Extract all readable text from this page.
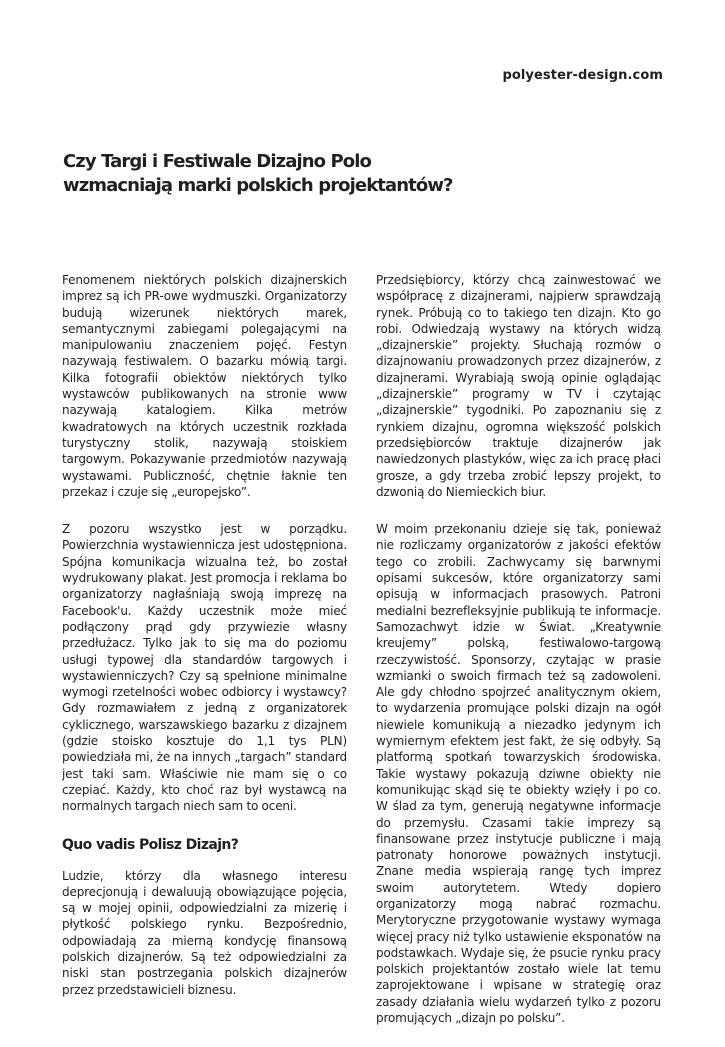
polyester-design.com
Czy Targi i Festiwale Dizajno Polo wzmacniają marki polskich projektantów?

Fenomenem niektórych polskich dizajnerskich imprez są ich PR-owe wydmuszki. Organizatorzy budują wizerunek niektórych marek, semantycznymi zabiegami polegającymi na manipulowaniu znaczeniem pojęć. Festyn nazywają festiwalem. O bazarku mówią targi. Kilka fotografii obiektów niektórych tylko wystawców publikowanych na stronie www nazywają katalogiem. Kilka metrów kwadratowych na których uczestnik rozkłada turystyczny stolik, nazywają stoiskiem targowym. Pokazywanie przedmiotów nazywają wystawami. Publiczność, chętnie łaknie ten przekaz i czuje się „europejsko”.

Z pozoru wszystko jest w porządku. Powierzchnia wystawiennicza jest udostępniona. Spójna komunikacja wizualna też, bo został wydrukowany plakat. Jest promocja i reklama bo organizatorzy nagłaśniają swoją imprezę na Facebook'u. Każdy uczestnik może mieć podłączony prąd gdy przywiezie własny przedłużacz. Tylko jak to się ma do poziomu usługi typowej dla standardów targowych i wystawienniczych? Czy są spełnione minimalne wymogi rzetelności wobec odbiorcy i wystawcy? Gdy rozmawiałem z jedną z organizatorek cyklicznego, warszawskiego bazarku z dizajnem (gdzie stoisko kosztuje do 1,1 tys PLN) powiedziała mi, że na innych „targach” standard jest taki sam. Właściwie nie mam się o co czepiać. Każdy, kto choć raz był wystawcą na normalnych targach niech sam to oceni.

Quo vadis Polisz Dizajn?

Ludzie, którzy dla własnego interesu deprecjonują i dewaluują obowiązujące pojęcia, są w mojej opinii, odpowiedzialni za mizerię i płytkość polskiego rynku. Bezpośrednio, odpowiadają za mierną kondycję finansową polskich dizajnerów. Są też odpowiedzialni za niski stan postrzegania polskich dizajnerów przez przedstawicieli biznesu.

Przedsiębiorcy, którzy chcą zainwestować we współpracę z dizajnerami, najpierw sprawdzają rynek. Próbują co to takiego ten dizajn. Kto go robi. Odwiedzają wystawy na których widzą „dizajnerskie” projekty. Słuchają rozmów o dizajnowaniu prowadzonych przez dizajnerów, z dizajnerami. Wyrabiają swoją opinie oglądając „dizajnerskie” programy w TV i czytając „dizajnerskie” tygodniki. Po zapoznaniu się z rynkiem dizajnu, ogromna większość polskich przedsiębiorców traktuje dizajnerów jak nawiedzonych plastyków, więc za ich pracę płaci grosze, a gdy trzeba zrobić lepszy projekt, to dzwonią do Niemieckich biur.

W moim przekonaniu dzieje się tak, ponieważ nie rozliczamy organizatorów z jakości efektów tego co zrobili. Zachwycamy się barwnymi opisami sukcesów, które organizatorzy sami opisują w informacjach prasowych. Patroni medialni bezrefleksyjnie publikują te informacje. Samozachwyt idzie w Świat. „Kreatywnie kreujemy” polską, festiwalowo-targową rzeczywistość. Sponsorzy, czytając w prasie wzmianki o swoich firmach też są zadowoleni. Ale gdy chłodno spojrzeć analitycznym okiem, to wydarzenia promujące polski dizajn na ogół niewiele komunikują a niezadko jedynym ich wymiernym efektem jest fakt, że się odbyły. Są platformą spotkań towarzyskich środowiska. Takie wystawy pokazują dziwne obiekty nie komunikując skąd się te obiekty wzięły i po co. W ślad za tym, generują negatywne informacje do przemysłu. Czasami takie imprezy są finansowane przez instytucje publiczne i mają patronaty honorowe poważnych instytucji. Znane media wspierają rangę tych imprez swoim autorytetem. Wtedy dopiero organizatorzy mogą nabrać rozmachu. Merytoryczne przygotowanie wystawy wymaga więcej pracy niż tylko ustawienie eksponatów na podstawkach. Wydaje się, że psucie rynku pracy polskich projektantów zostało wiele lat temu zaprojektowane i wpisane w strategię oraz zasady działania wielu wydarzeń tylko z pozoru promujących „dizajn po polsku”.
